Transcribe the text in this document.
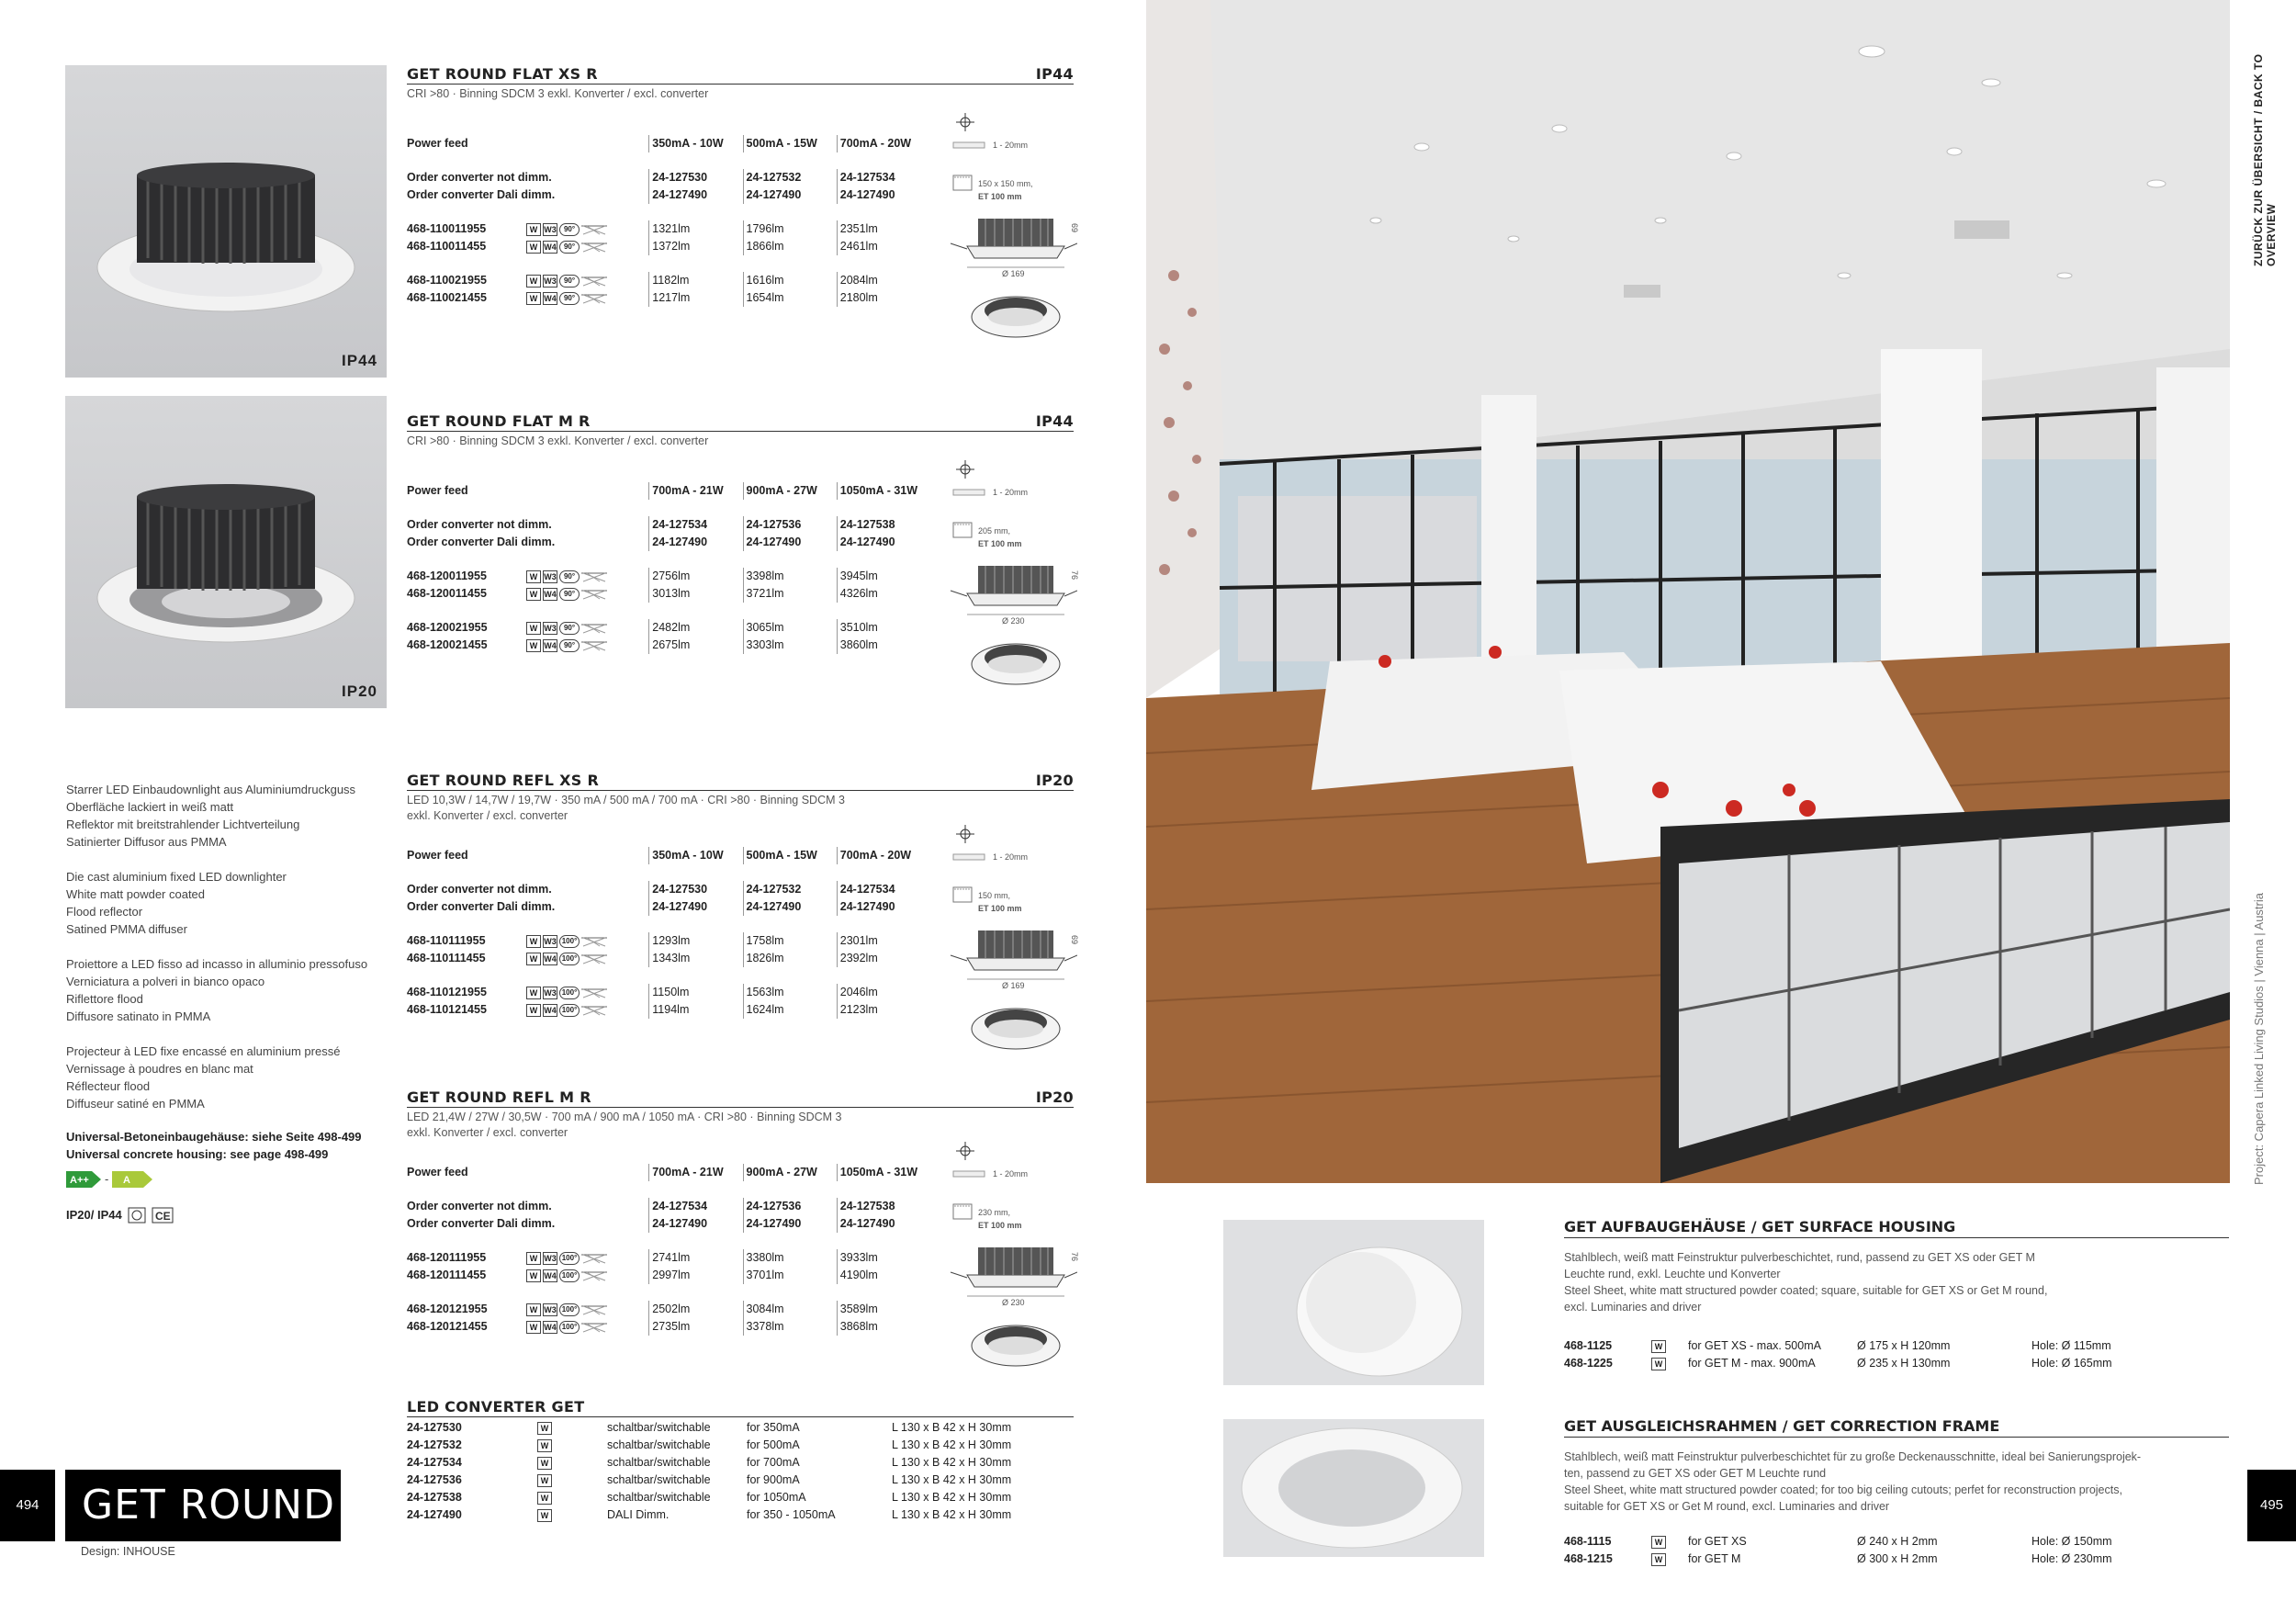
IP44
IP20
GET ROUND FLAT XS R	IP44
CRI >80 · Binning SDCM 3 exkl. Konverter / excl. converter
Power feed	350mA - 10W	500mA - 15W	700mA - 20W
Order converter not dimm.	24-127530	24-127532	24-127534
Order converter Dali dimm.	24-127490	24-127490	24-127490
468-110011955	W W3	90°	1321lm	1796lm	2351lm
468-110011455	W W4	90°	1372lm	1866lm	2461lm
468-110021955	W W3	90°	1182lm	1616lm	2084lm
468-110021455	W W4	90°	1217lm	1654lm	2180lm
1 - 20mm
150 x 150 mm,
ET 100 mm
Ø 169
69
GET ROUND FLAT M R	IP44
CRI >80 · Binning SDCM 3 exkl. Konverter / excl. converter
Power feed	700mA - 21W	900mA - 27W	1050mA - 31W
Order converter not dimm.	24-127534	24-127536	24-127538
Order converter Dali dimm.	24-127490	24-127490	24-127490
468-120011955	W W3	90°	2756lm	3398lm	3945lm
468-120011455	W W4	90°	3013lm	3721lm	4326lm
468-120021955	W W3	90°	2482lm	3065lm	3510lm
468-120021455	W W4	90°	2675lm	3303lm	3860lm
1 - 20mm
205 mm,
ET 100 mm
Ø 230
76
GET ROUND REFL XS R	IP20
LED 10,3W / 14,7W / 19,7W · 350 mA / 500 mA / 700 mA · CRI >80 · Binning SDCM 3
exkl. Konverter / excl. converter
Power feed	350mA - 10W	500mA - 15W	700mA - 20W
Order converter not dimm.	24-127530	24-127532	24-127534
Order converter Dali dimm.	24-127490	24-127490	24-127490
468-110111955	W W3 100°	1293lm	1758lm	2301lm
468-110111455	W W4 100°	1343lm	1826lm	2392lm
468-110121955	W W3 100°	1150lm	1563lm	2046lm
468-110121455	W W4 100°	1194lm	1624lm	2123lm
1 - 20mm
150 mm,
ET 100 mm
Ø 169
69
GET ROUND REFL M R	IP20
LED 21,4W / 27W / 30,5W · 700 mA / 900 mA / 1050 mA · CRI >80 · Binning SDCM 3
exkl. Konverter / excl. converter
Power feed	700mA - 21W	900mA - 27W	1050mA - 31W
Order converter not dimm.	24-127534	24-127536	24-127538
Order converter Dali dimm.	24-127490	24-127490	24-127490
468-120111955	W W3 100°	2741lm	3380lm	3933lm
468-120111455	W W4 100°	2997lm	3701lm	4190lm
468-120121955	W W3 100°	2502lm	3084lm	3589lm
468-120121455	W W4 100°	2735lm	3378lm	3868lm
1 - 20mm
230 mm,
ET 100 mm
Ø 230
76

Starrer LED Einbaudownlight aus Aluminiumdruckguss
Oberfläche lackiert in weiß matt
Reflektor mit breitstrahlender Lichtverteilung
Satinierter Diffusor aus PMMA

Die cast aluminium fixed LED downlighter
White matt powder coated
Flood reflector
Satined PMMA diffuser

Proiettore a LED fisso ad incasso in alluminio pressofuso
Verniciatura a polveri in bianco opaco
Riflettore flood
Diffusore satinato in PMMA

Projecteur à LED fixe encassé en aluminium pressé
Vernissage à poudres en blanc mat
Réflecteur flood
Diffuseur satiné en PMMA

Universal-Betoneinbaugehäuse: siehe Seite 498-499
Universal concrete housing: see page 498-499
A++ - A
IP20/ IP44	CE
LED CONVERTER GET
24-127530	W	schaltbar/switchable	for 350mA	L 130 x B 42 x H 30mm
24-127532	W	schaltbar/switchable	for 500mA	L 130 x B 42 x H 30mm
24-127534	W	schaltbar/switchable	for 700mA	L 130 x B 42 x H 30mm
24-127536	W	schaltbar/switchable	for 900mA	L 130 x B 42 x H 30mm
24-127538	W	schaltbar/switchable	for 1050mA	L 130 x B 42 x H 30mm
24-127490	W	DALI Dimm.	for 350 - 1050mA	L 130 x B 42 x H 30mm
494	GET ROUND R
Design: INHOUSE
ZURÜCK ZUR ÜBERSICHT / BACK TO OVERVIEW
Project: Capera Linked Living Studios | Vienna | Austria
GET AUFBAUGEHÄUSE / GET SURFACE HOUSING
Stahlblech, weiß matt Feinstruktur pulverbeschichtet, rund, passend zu GET XS oder GET M
Leuchte rund, exkl. Leuchte und Konverter
Steel Sheet, white matt structured powder coated; square, suitable for GET XS or Get M round,
excl. Luminaries and driver
468-1125	W	for GET XS - max. 500mA	Ø 175 x H 120mm	Hole: Ø 115mm
468-1225	W	for GET M - max. 900mA	Ø 235 x H 130mm	Hole: Ø 165mm
GET AUSGLEICHSRAHMEN / GET CORRECTION FRAME
Stahlblech, weiß matt Feinstruktur pulverbeschichtet für zu große Deckenausschnitte, ideal bei Sanierungsprojek-
ten, passend zu GET XS oder GET M Leuchte rund
Steel Sheet, white matt structured powder coated; for too big ceiling cutouts; perfet for reconstruction projects,
suitable for GET XS or Get M round, excl. Luminaries and driver
468-1115	W	for GET XS	Ø 240 x H 2mm	Hole: Ø 150mm
468-1215	W	for GET M	Ø 300 x H 2mm	Hole: Ø 230mm
495
